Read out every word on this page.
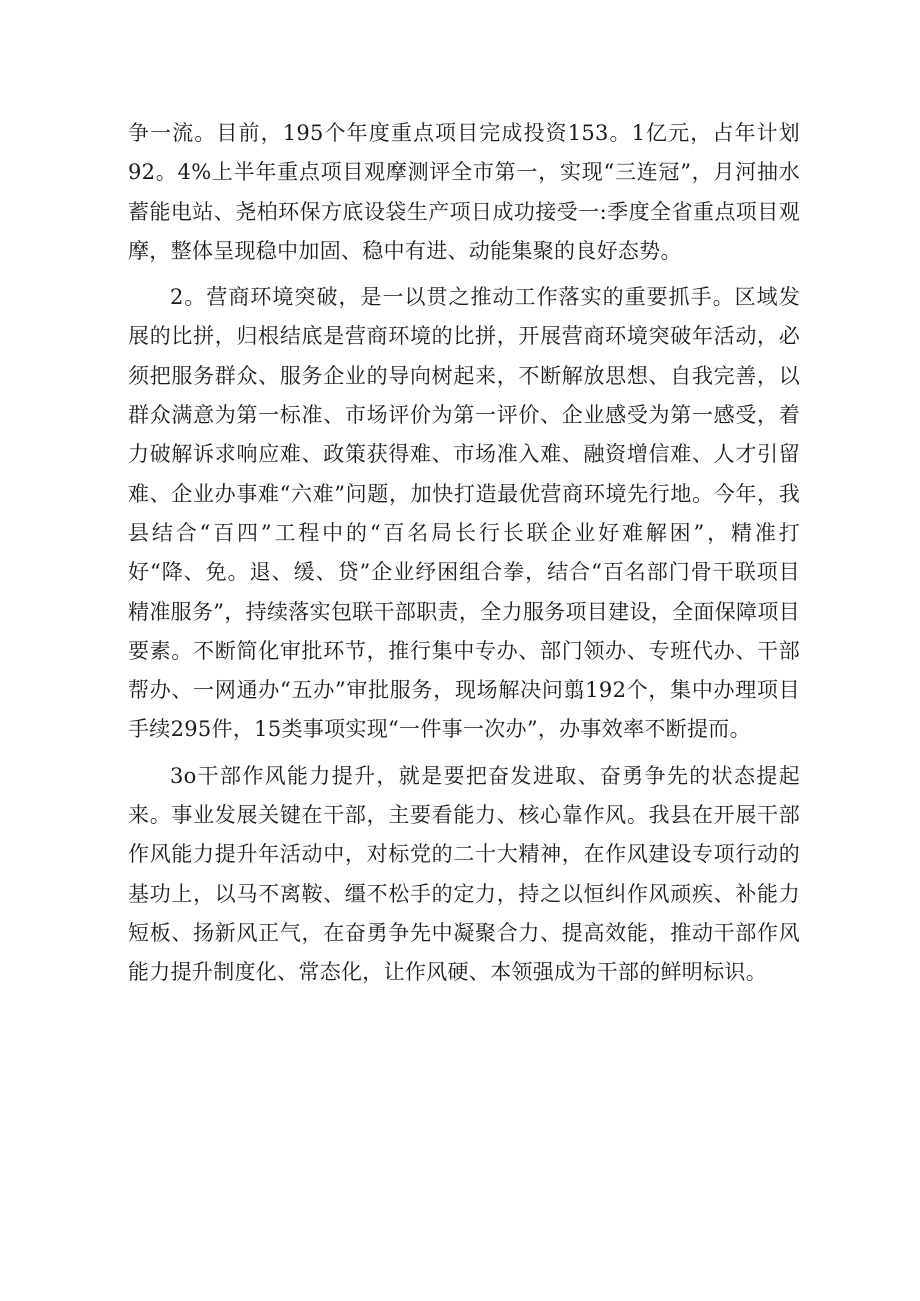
争一流。目前，195个年度重点项目完成投资153。1亿元，占年计划92。4%上半年重点项目观摩测评全市第一，实现“三连冠”，月河抽水蓄能电站、尧柏环保方底设袋生产项日成功接受一:季度全省重点项目观摩，整体呈现稳中加固、稳中有进、动能集聚的良好态势。

2。营商环境突破，是一以贯之推动工作落实的重要抓手。区域发展的比拼，归根结底是营商环境的比拼，开展营商环境突破年活动，必须把服务群众、服务企业的导向树起来，不断解放思想、自我完善，以群众满意为第一标准、市场评价为第一评价、企业感受为第一感受，着力破解诉求响应难、政策获得难、市场准入难、融资增信难、人才引留难、企业办事难“六难”问题，加快打造最优营商环境先行地。今年，我县结合“百四”工程中的“百名局长行长联企业好难解困”，精准打好“降、免。退、缓、贷”企业纾困组合拳，结合“百名部门骨干联项目精准服务”，持续落实包联干部职责，全力服务项目建设，全面保障项目要素。不断简化审批环节，推行集中专办、部门领办、专班代办、干部帮办、一网通办“五办”审批服务，现场解决问翦192个，集中办理项目手续295件，15类事项实现“一件事一次办”，办事效率不断提而。

3o干部作风能力提升，就是要把奋发进取、奋勇争先的状态提起来。事业发展关键在干部，主要看能力、核心靠作风。我县在开展干部作风能力提升年活动中，对标党的二十大精神，在作风建设专项行动的基功上，以马不离鞍、缰不松手的定力，持之以恒纠作风顽疾、补能力短板、扬新风正气，在奋勇争先中凝聚合力、提高效能，推动干部作风能力提升制度化、常态化，让作风硬、本领强成为干部的鲜明标识。
